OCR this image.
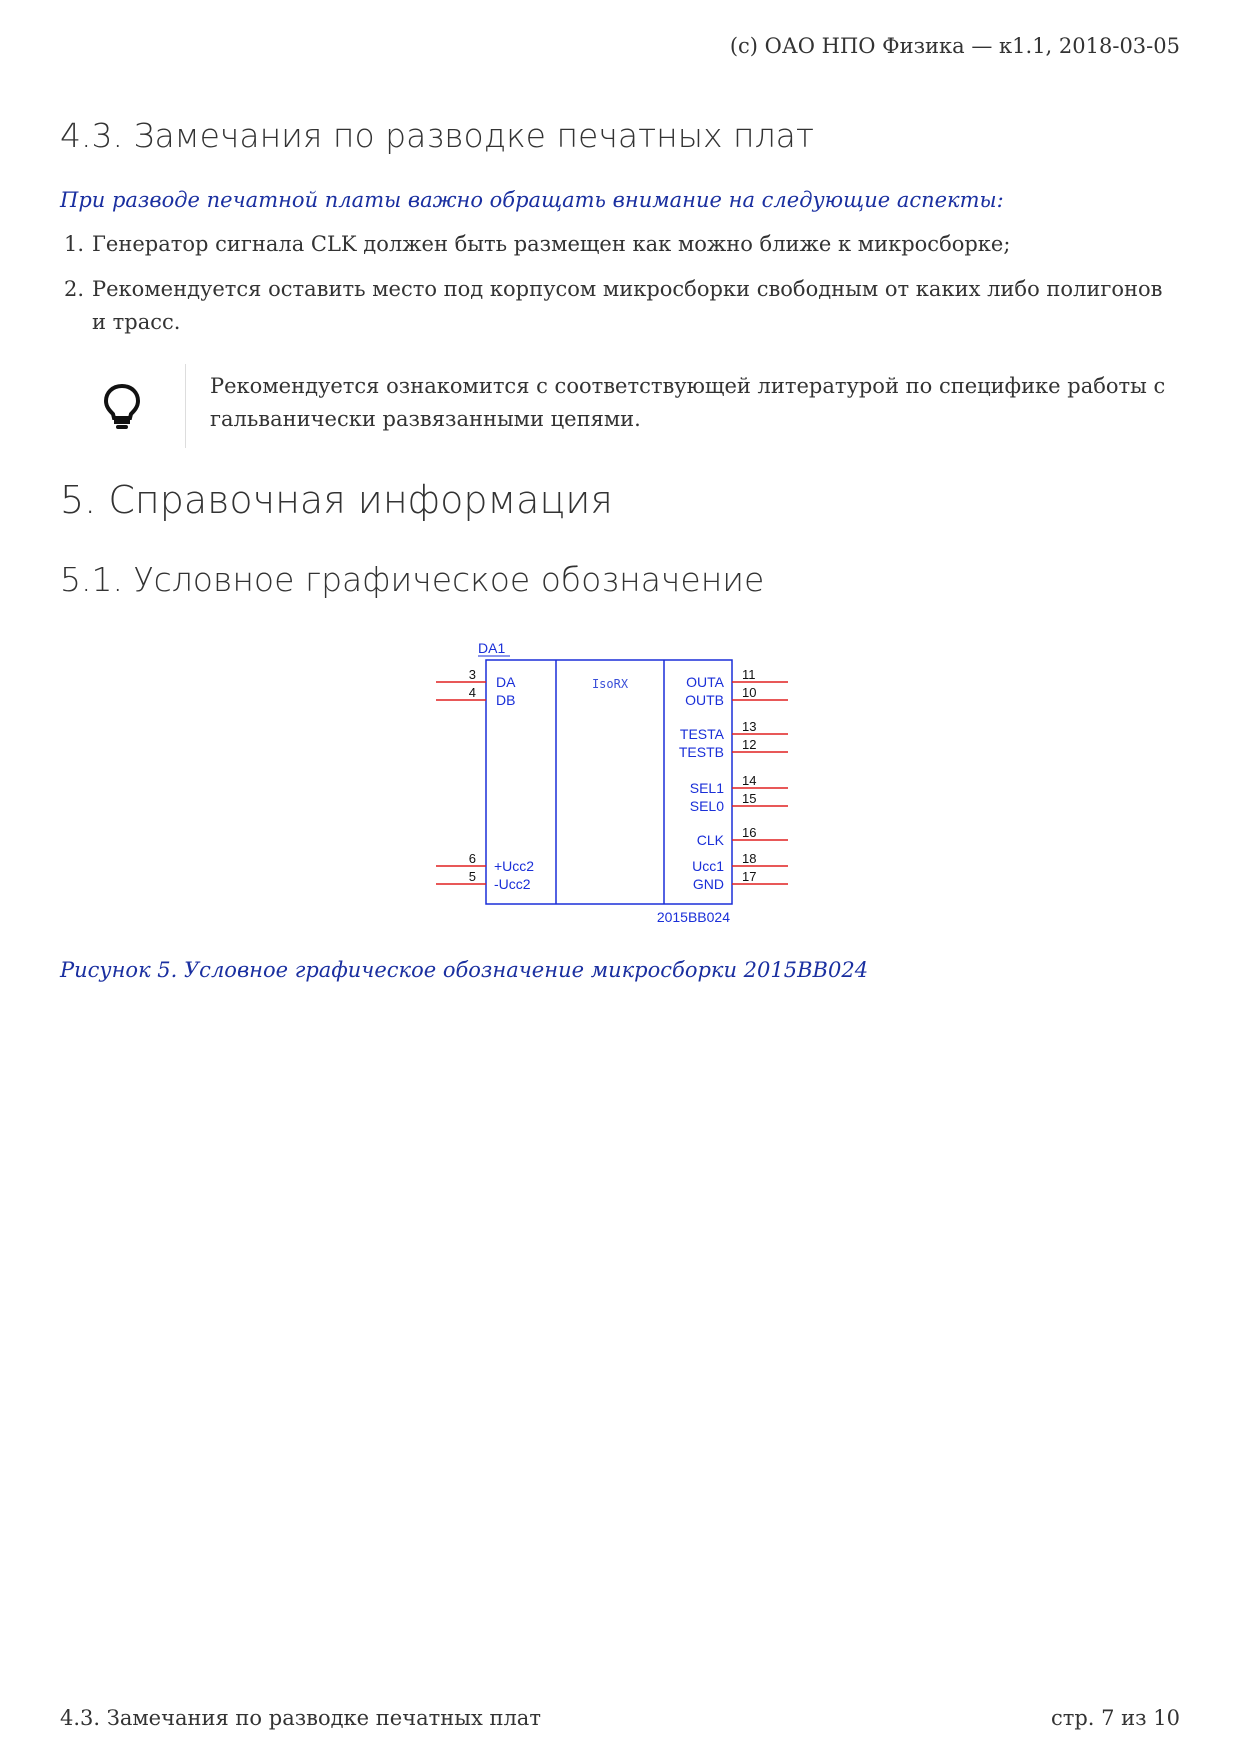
(c) ОАО НПО Физика — к1.1, 2018-03-05
4.3. Замечания по разводке печатных плат
При разводе печатной платы важно обращать внимание на следующие аспекты:
1. Генератор сигнала CLK должен быть размещен как можно ближе к микросборке;
2. Рекомендуется оставить место под корпусом микросборки свободным от каких либо полигонов и трасс.
Рекомендуется ознакомится с соответствующей литературой по специфике работы с гальванически развязанными цепями.
5. Справочная информация
5.1. Условное графическое обозначение
DA1
IsoRX
3 DA
4 DB
6 +Ucc2
5 -Ucc2
11
OUTA
10
OUTB
13
TESTA
12
TESTB
14
SEL1
15
SEL0
16
CLK
18
Ucc1
17
GND
2015BB024
Рисунок 5. Условное графическое обозначение микросборки 2015BB024
4.3. Замечания по разводке печатных плат	стр. 7 из 10
